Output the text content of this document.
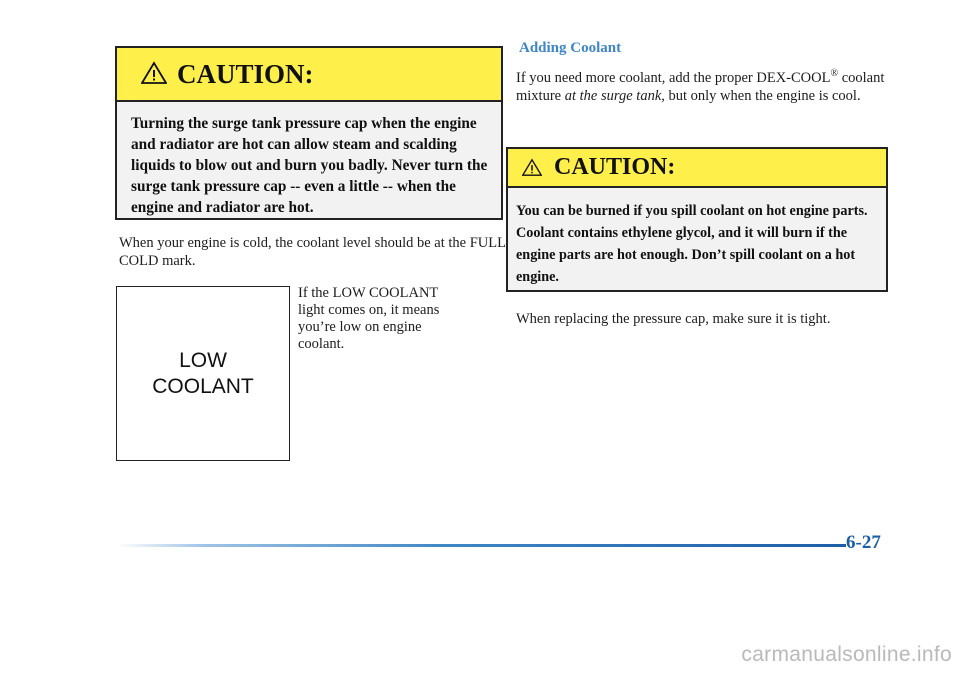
CAUTION:
Turning the surge tank pressure cap when the engine and radiator are hot can allow steam and scalding liquids to blow out and burn you badly. Never turn the surge tank pressure cap -- even a little -- when the engine and radiator are hot.
When your engine is cold, the coolant level should be at the FULL COLD mark.
LOW
COOLANT
If the LOW COOLANT light comes on, it means you’re low on engine coolant.
Adding Coolant
If you need more coolant, add the proper DEX-COOL® coolant mixture at the surge tank, but only when the engine is cool.
CAUTION:
You can be burned if you spill coolant on hot engine parts. Coolant contains ethylene glycol, and it will burn if the engine parts are hot enough. Don’t spill coolant on a hot engine.
When replacing the pressure cap, make sure it is tight.
6-27
carmanualsonline.info
